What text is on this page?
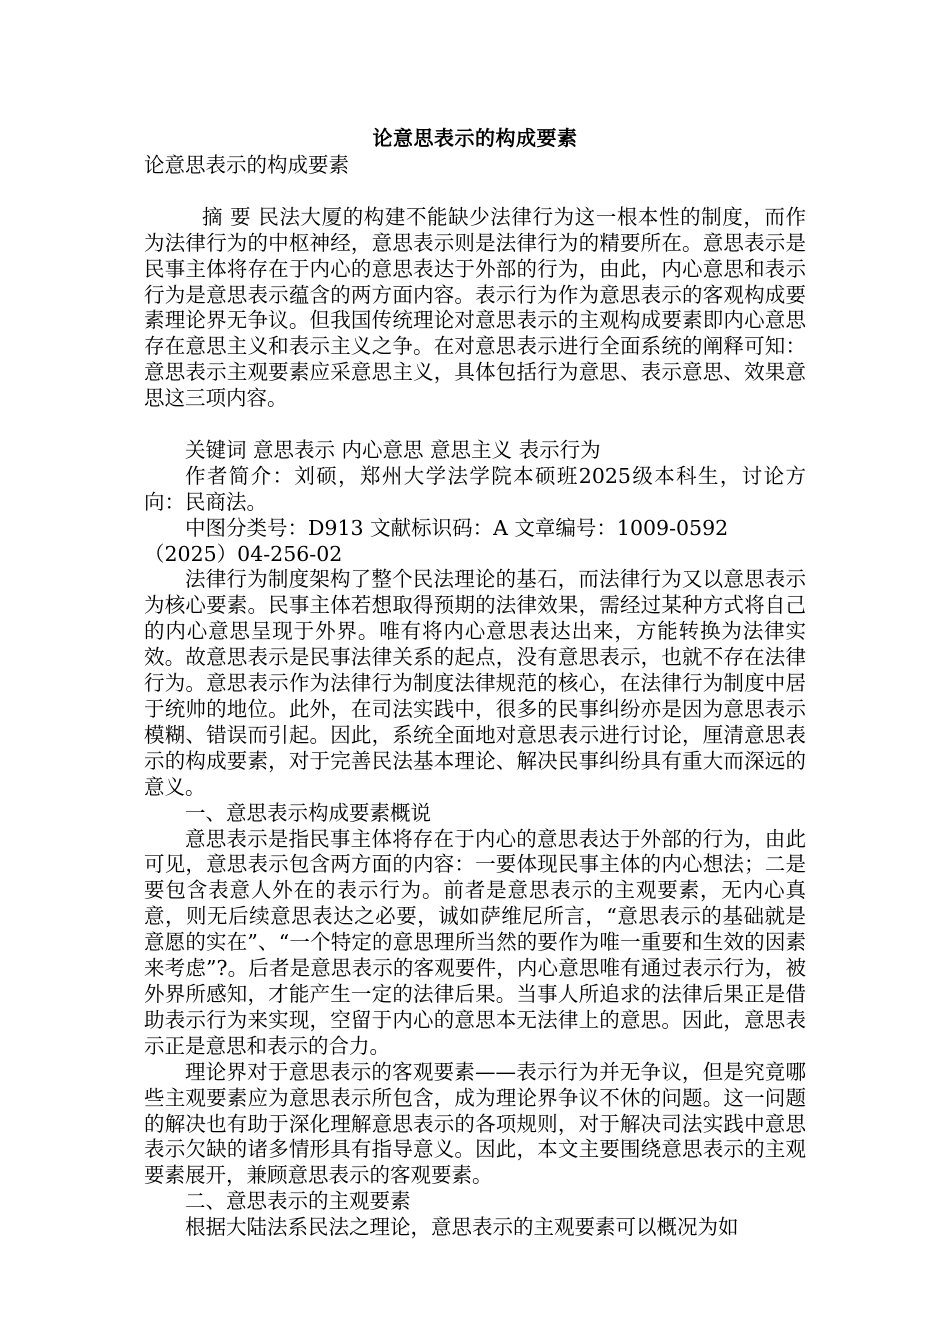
论意思表示的构成要素

论意思表示的构成要素

摘 要 民法大厦的构建不能缺少法律行为这一根本性的制度，而作为法律行为的中枢神经，意思表示则是法律行为的精要所在。意思表示是民事主体将存在于内心的意思表达于外部的行为，由此，内心意思和表示行为是意思表示蕴含的两方面内容。表示行为作为意思表示的客观构成要素理论界无争议。但我国传统理论对意思表示的主观构成要素即内心意思存在意思主义和表示主义之争。在对意思表示进行全面系统的阐释可知：意思表示主观要素应采意思主义，具体包括行为意思、表示意思、效果意思这三项内容。

关键词 意思表示 内心意思 意思主义 表示行为

作者简介：刘硕，郑州大学法学院本硕班2025级本科生，讨论方向：民商法。

中图分类号：D913 文献标识码：A 文章编号：1009-0592（2025）04-256-02

法律行为制度架构了整个民法理论的基石，而法律行为又以意思表示为核心要素。民事主体若想取得预期的法律效果，需经过某种方式将自己的内心意思呈现于外界。唯有将内心意思表达出来，方能转换为法律实效。故意思表示是民事法律关系的起点，没有意思表示，也就不存在法律行为。意思表示作为法律行为制度法律规范的核心，在法律行为制度中居于统帅的地位。此外，在司法实践中，很多的民事纠纷亦是因为意思表示模糊、错误而引起。因此，系统全面地对意思表示进行讨论，厘清意思表示的构成要素，对于完善民法基本理论、解决民事纠纷具有重大而深远的意义。

一、意思表示构成要素概说

意思表示是指民事主体将存在于内心的意思表达于外部的行为，由此可见，意思表示包含两方面的内容：一要体现民事主体的内心想法；二是要包含表意人外在的表示行为。前者是意思表示的主观要素，无内心真意，则无后续意思表达之必要，诚如萨维尼所言，“意思表示的基础就是意愿的实在”、“一个特定的意思理所当然的要作为唯一重要和生效的因素来考虑”?。后者是意思表示的客观要件，内心意思唯有通过表示行为，被外界所感知，才能产生一定的法律后果。当事人所追求的法律后果正是借助表示行为来实现，空留于内心的意思本无法律上的意思。因此，意思表示正是意思和表示的合力。

理论界对于意思表示的客观要素——表示行为并无争议，但是究竟哪些主观要素应为意思表示所包含，成为理论界争议不休的问题。这一问题的解决也有助于深化理解意思表示的各项规则，对于解决司法实践中意思表示欠缺的诸多情形具有指导意义。因此，本文主要围绕意思表示的主观要素展开，兼顾意思表示的客观要素。

二、意思表示的主观要素

根据大陆法系民法之理论，意思表示的主观要素可以概况为如
